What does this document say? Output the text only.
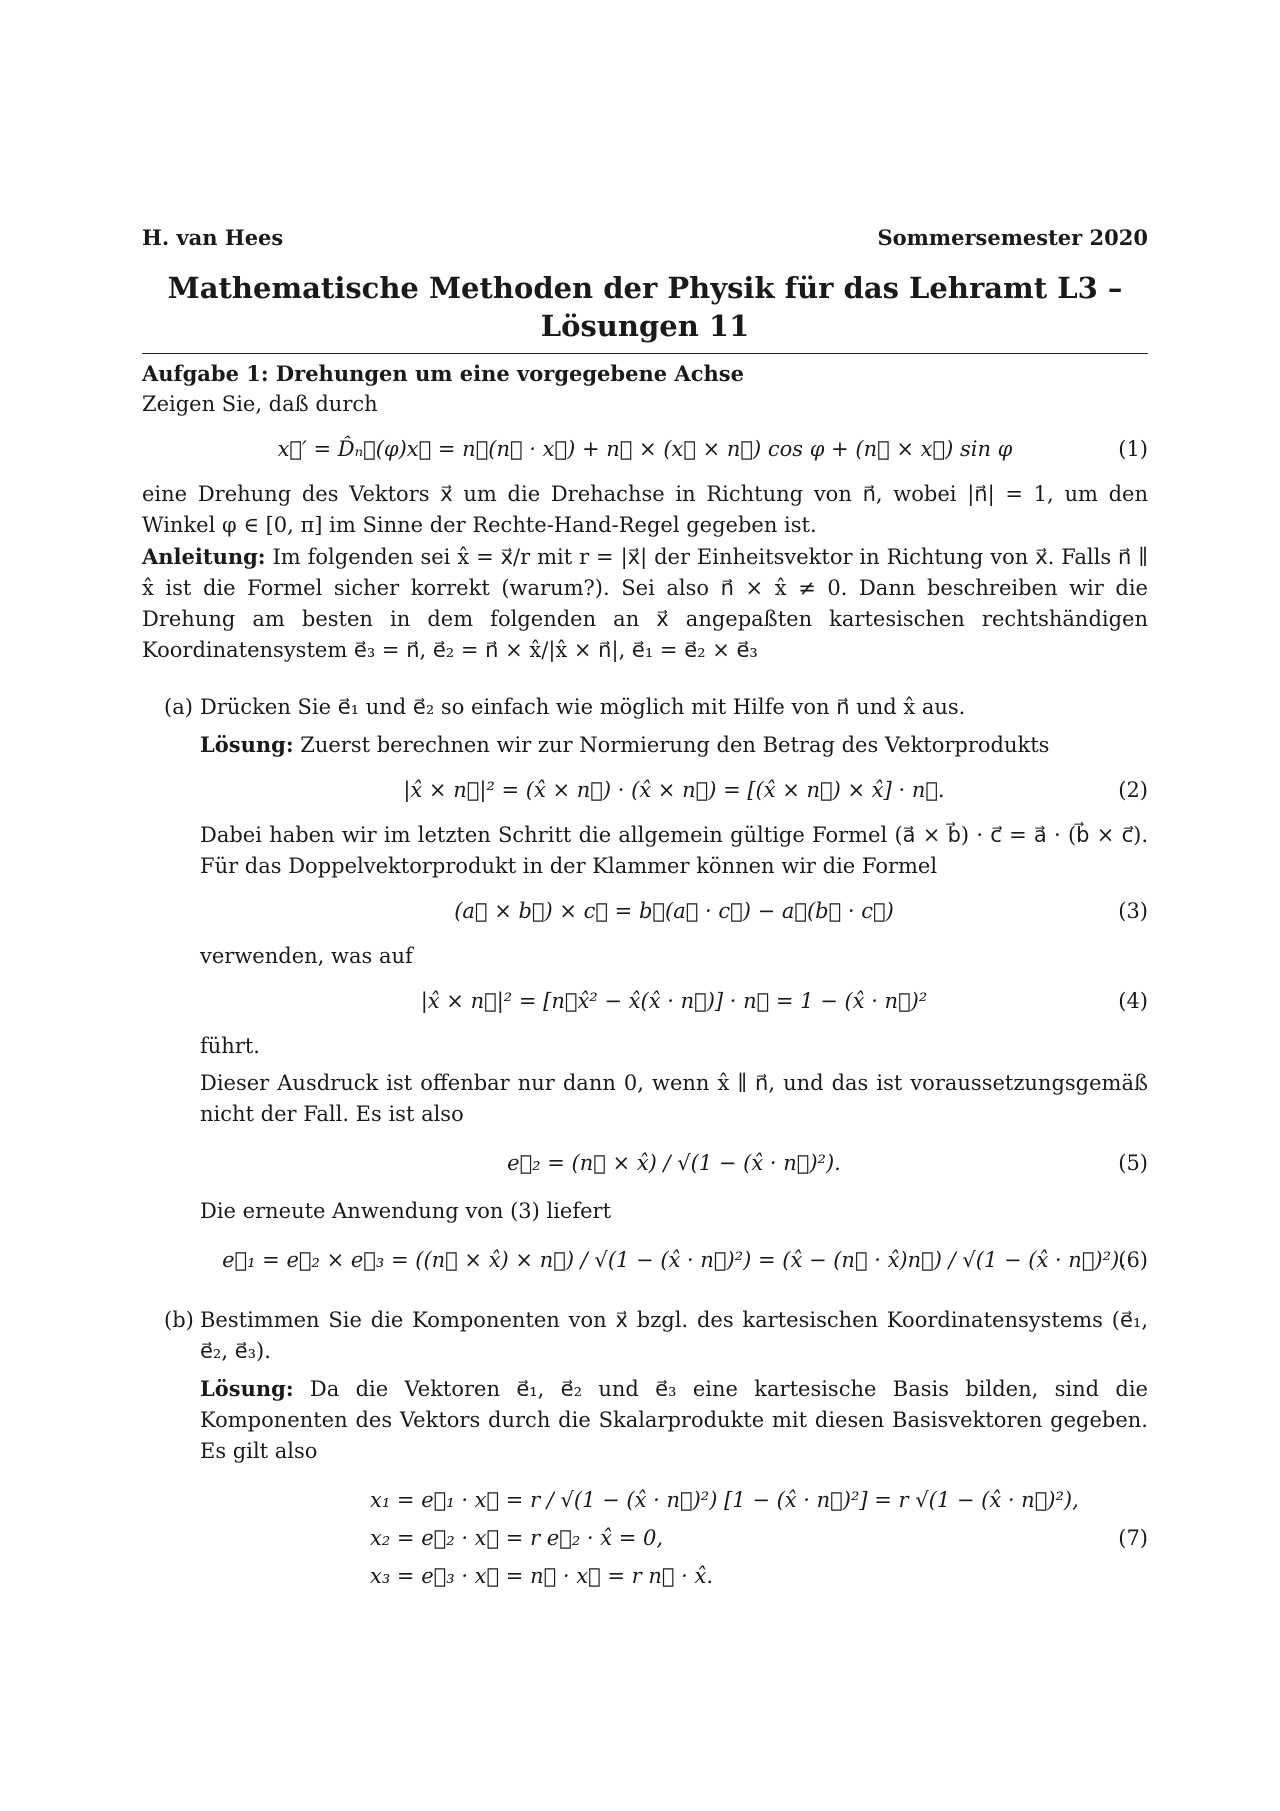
H. van Hees	Sommersemester 2020
Mathematische Methoden der Physik für das Lehramt L3 – Lösungen 11
Aufgabe 1: Drehungen um eine vorgegebene Achse

Zeigen Sie, daß durch

x⃗′ = D̂ₙ⃗(φ)x⃗ = n⃗(n⃗ · x⃗) + n⃗ × (x⃗ × n⃗) cos φ + (n⃗ × x⃗) sin φ	(1)

eine Drehung des Vektors x⃗ um die Drehachse in Richtung von n⃗, wobei |n⃗| = 1, um den Winkel φ ∈ [0, π] im Sinne der Rechte-Hand-Regel gegeben ist.

Anleitung: Im folgenden sei x̂ = x⃗/r mit r = |x⃗| der Einheitsvektor in Richtung von x⃗. Falls n⃗ ∥ x̂ ist die Formel sicher korrekt (warum?). Sei also n⃗ × x̂ ≠ 0. Dann beschreiben wir die Drehung am besten in dem folgenden an x⃗ angepaßten kartesischen rechtshändigen Koordinatensystem e⃗₃ = n⃗, e⃗₂ = n⃗ × x̂/|x̂ × n⃗|, e⃗₁ = e⃗₂ × e⃗₃

(a) Drücken Sie e⃗₁ und e⃗₂ so einfach wie möglich mit Hilfe von n⃗ und x̂ aus.

Lösung: Zuerst berechnen wir zur Normierung den Betrag des Vektorprodukts

|x̂ × n⃗|² = (x̂ × n⃗) · (x̂ × n⃗) = [(x̂ × n⃗) × x̂] · n⃗.	(2)

Dabei haben wir im letzten Schritt die allgemein gültige Formel (a⃗ × b⃗) · c⃗ = a⃗ · (b⃗ × c⃗). Für das Doppelvektorprodukt in der Klammer können wir die Formel

(a⃗ × b⃗) × c⃗ = b⃗(a⃗ · c⃗) − a⃗(b⃗ · c⃗)	(3)

verwenden, was auf

|x̂ × n⃗|² = [n⃗x̂² − x̂(x̂ · n⃗)] · n⃗ = 1 − (x̂ · n⃗)²	(4)

führt.

Dieser Ausdruck ist offenbar nur dann 0, wenn x̂ ∥ n⃗, und das ist voraussetzungsgemäß nicht der Fall. Es ist also

e⃗₂ = (n⃗ × x̂) / √(1 − (x̂ · n⃗)²).	(5)

Die erneute Anwendung von (3) liefert

e⃗₁ = e⃗₂ × e⃗₃ = ((n⃗ × x̂) × n⃗) / √(1 − (x̂ · n⃗)²) = (x̂ − (n⃗ · x̂)n⃗) / √(1 − (x̂ · n⃗)²).
(6)
(b) Bestimmen Sie die Komponenten von x⃗ bzgl. des kartesischen Koordinatensystems (e⃗₁, e⃗₂, e⃗₃).

Lösung: Da die Vektoren e⃗₁, e⃗₂ und e⃗₃ eine kartesische Basis bilden, sind die Komponenten des Vektors durch die Skalarprodukte mit diesen Basisvektoren gegeben. Es gilt also

x₁ = e⃗₁ · x⃗ = r / √(1 − (x̂ · n⃗)²) [1 − (x̂ · n⃗)²] = r √(1 − (x̂ · n⃗)²),
x₂ = e⃗₂ · x⃗ = r e⃗₂ · x̂ = 0,
x₃ = e⃗₃ · x⃗ = n⃗ · x⃗ = r n⃗ · x̂.
(7)
